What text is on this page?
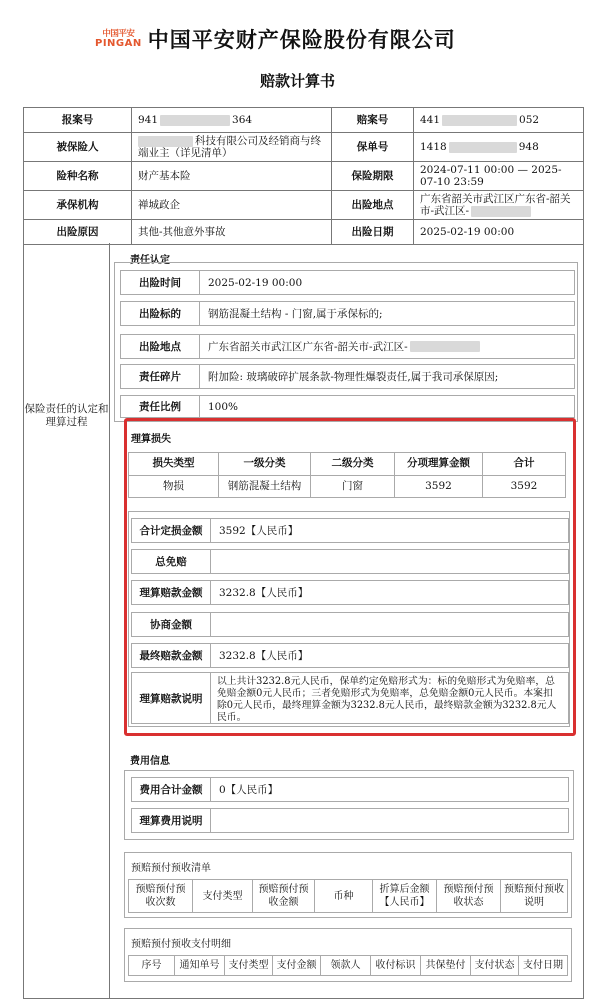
中国平安
PINGAN 中国平安财产保险股份有限公司
赔款计算书
报案号	941 364	赔案号	441 052
被保险人	科技有限公司及经销商与终端业主（详见清单）	保单号	1418 948
险种名称	财产基本险	保险期限	2024-07-11 00:00 — 2025-07-10 23:59
承保机构	禅城政企	出险地点	广东省韶关市武江区广东省-韶关市-武江区-
出险原因	其他-其他意外事故	出险日期	2025-02-19 00:00
保险责任的认定和理算过程
责任认定
出险时间	2025-02-19 00:00
出险标的	钢筋混凝土结构 - 门窗,属于承保标的;
出险地点	广东省韶关市武江区广东省-韶关市-武江区-
责任碎片	附加险: 玻璃破碎扩展条款-物理性爆裂责任,属于我司承保原因;
责任比例	100%
理算损失
损失类型	一级分类	二级分类	分项理算金额	合计
物损	钢筋混凝土结构	门窗	3592	3592
合计定损金额	3592【人民币】
总免赔
理算赔款金额	3232.8【人民币】
协商金额
最终赔款金额	3232.8【人民币】
理算赔款说明
以上共计3232.8元人民币，保单约定免赔形式为：标的免赔形式为免赔率，总免赔金额0元人民币；三者免赔形式为免赔率，总免赔金额0元人民币。本案扣除0元人民币，最终理算金额为3232.8元人民币，最终赔款金额为3232.8元人民币。
费用信息
费用合计金额	0【人民币】
理算费用说明
预赔预付预收清单
预赔预付预收次数	支付类型	预赔预付预收金额	币种	折算后金额【人民币】	预赔预付预收状态	预赔预付预收说明
预赔预付预收支付明细
序号	通知单号	支付类型	支付金额	领款人	收付标识	共保垫付	支付状态	支付日期
